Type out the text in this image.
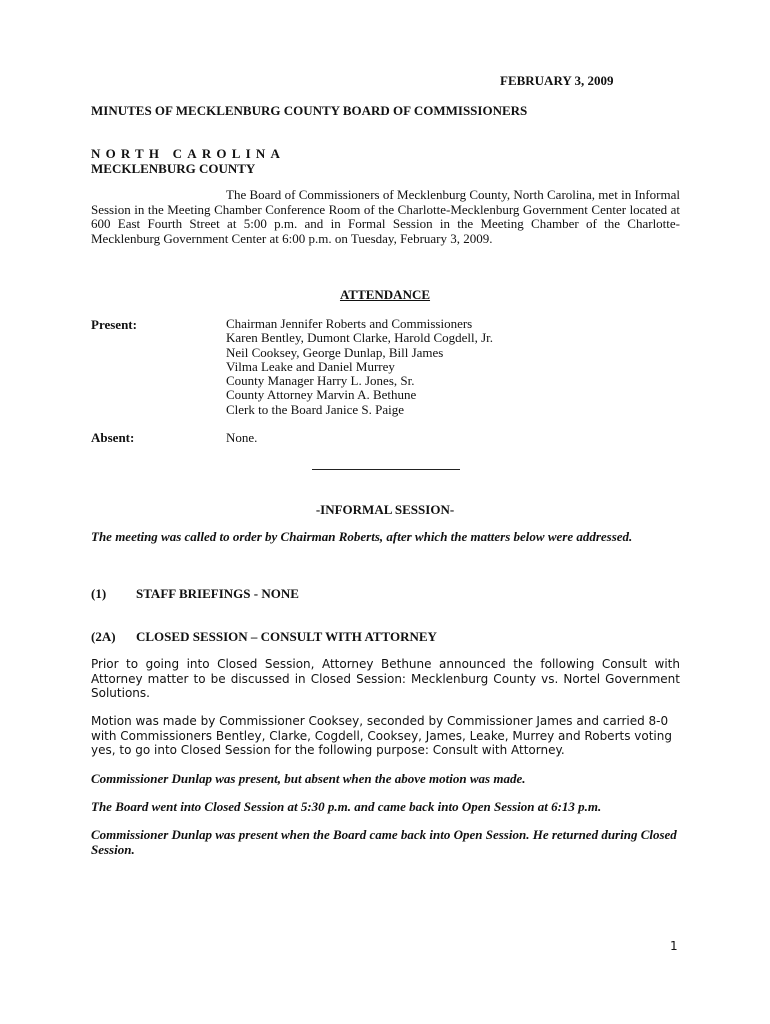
FEBRUARY 3, 2009
MINUTES OF MECKLENBURG COUNTY BOARD OF COMMISSIONERS
NORTH CAROLINA
MECKLENBURG COUNTY
The Board of Commissioners of Mecklenburg County, North Carolina, met in Informal Session in the Meeting Chamber Conference Room of the Charlotte-Mecklenburg Government Center located at 600 East Fourth Street at 5:00 p.m. and in Formal Session in the Meeting Chamber of the Charlotte-Mecklenburg Government Center at 6:00 p.m. on Tuesday, February 3, 2009.
ATTENDANCE
Present:	Chairman Jennifer Roberts and Commissioners
Karen Bentley, Dumont Clarke, Harold Cogdell, Jr.
Neil Cooksey, George Dunlap, Bill James
Vilma Leake and Daniel Murrey
County Manager Harry L. Jones, Sr.
County Attorney Marvin A. Bethune
Clerk to the Board Janice S. Paige
Absent:	None.
-INFORMAL SESSION-
The meeting was called to order by Chairman Roberts, after which the matters below were addressed.
(1) STAFF BRIEFINGS - NONE
(2A) CLOSED SESSION – CONSULT WITH ATTORNEY
Prior to going into Closed Session, Attorney Bethune announced the following Consult with Attorney matter to be discussed in Closed Session: Mecklenburg County vs. Nortel Government Solutions.
Motion was made by Commissioner Cooksey, seconded by Commissioner James and carried 8-0 with Commissioners Bentley, Clarke, Cogdell, Cooksey, James, Leake, Murrey and Roberts voting yes, to go into Closed Session for the following purpose: Consult with Attorney.
Commissioner Dunlap was present, but absent when the above motion was made.
The Board went into Closed Session at 5:30 p.m. and came back into Open Session at 6:13 p.m.
Commissioner Dunlap was present when the Board came back into Open Session. He returned during Closed Session.
1
